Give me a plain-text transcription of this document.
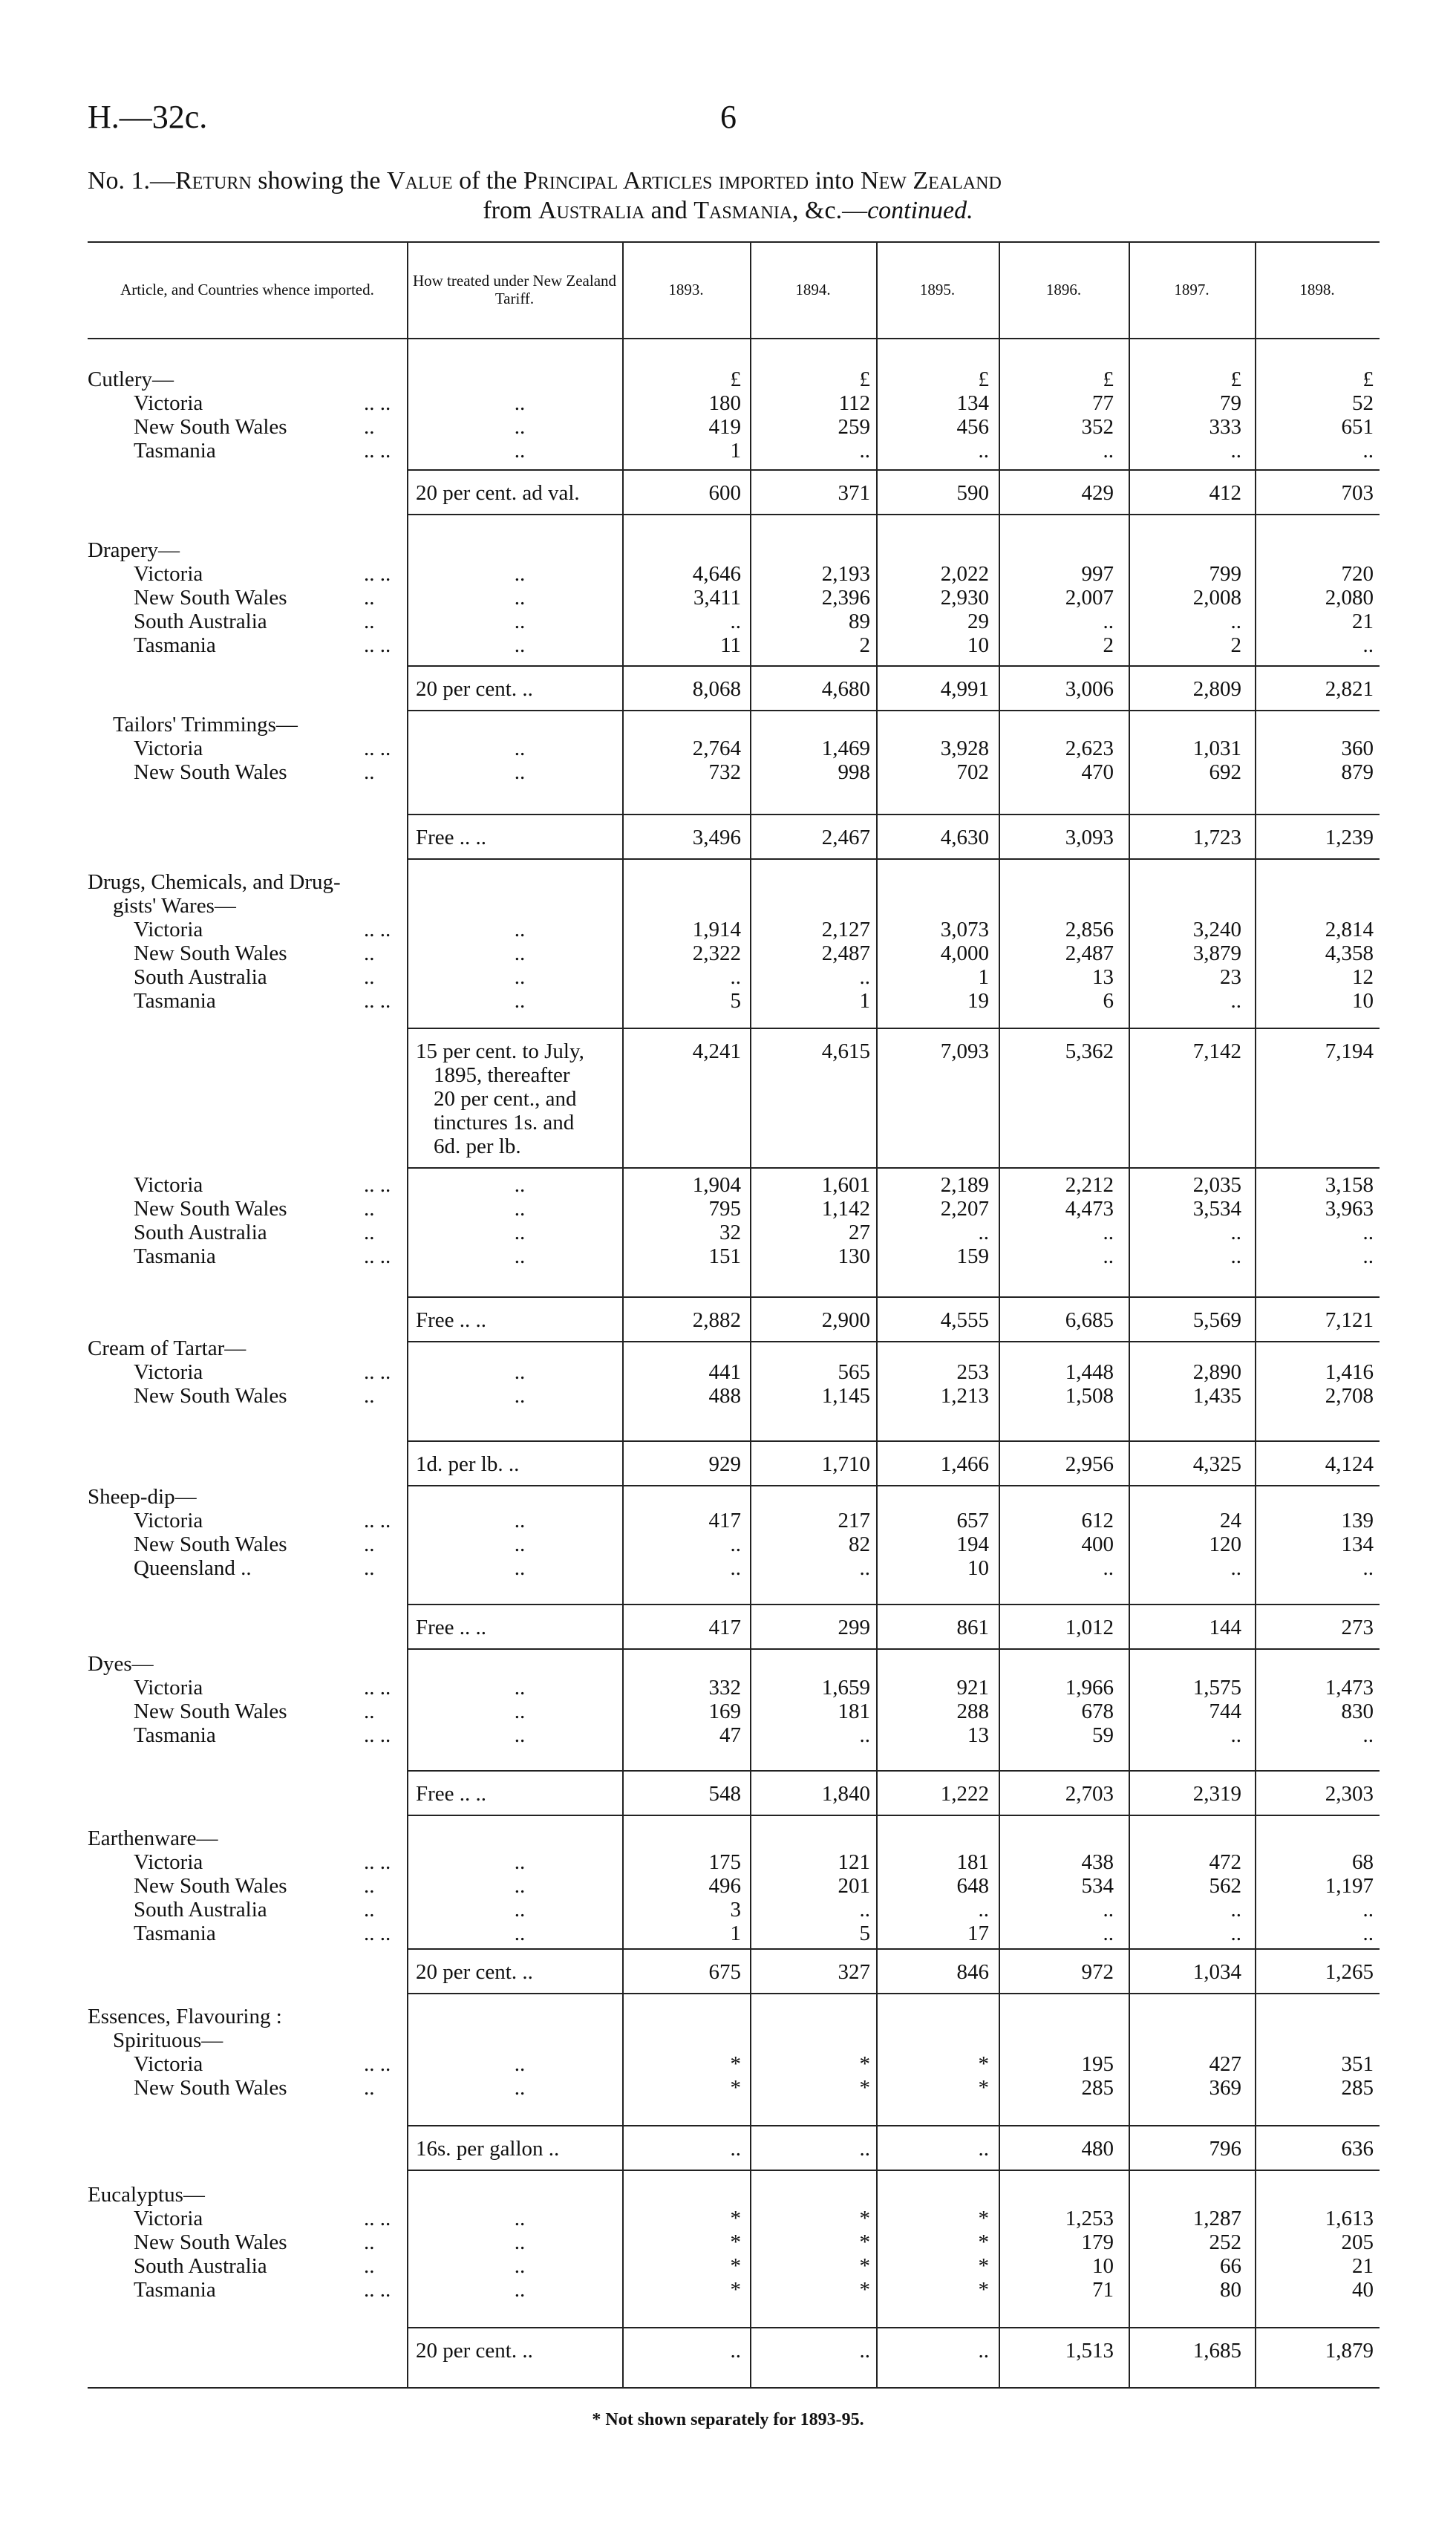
H.—32c.	6
No. 1.—Return showing the Value of the Principal Articles imported into New Zealand
from Australia and Tasmania, &c.—continued.
Article, and Countries whence imported.	How treated under New Zealand Tariff.	1893.	1894.	1895.	1896.	1897.	1898.
Cutlery—	£	£	£	£	£	£
Victoria	.. ..	..	180	112	134	77	79	52
New South Wales	..	..	419	259	456	352	333	651
Tasmania	.. ..	..	1	..	..	..	..	..
20 per cent. ad val.	600	371	590	429	412	703
Drapery—
Victoria	.. ..	..	4,646	2,193	2,022	997	799	720
New South Wales	..	..	3,411	2,396	2,930	2,007	2,008	2,080
South Australia	..	..	..	89	29	..	..	21
Tasmania	.. ..	..	11	2	10	2	2	..
20 per cent. ..	8,068	4,680	4,991	3,006	2,809	2,821
Tailors' Trimmings—
Victoria	.. ..	..	2,764	1,469	3,928	2,623	1,031	360
New South Wales	..	..	732	998	702	470	692	879
Free .. ..	3,496	2,467	4,630	3,093	1,723	1,239
Drugs, Chemicals, and Drug-
gists' Wares—
Victoria	.. ..	..	1,914	2,127	3,073	2,856	3,240	2,814
New South Wales	..	..	2,322	2,487	4,000	2,487	3,879	4,358
South Australia	..	..	..	..	1	13	23	12
Tasmania	.. ..	..	5	1	19	6	..	10
15 per cent. to July,
1895, thereafter
20 per cent., and
tinctures 1s. and
6d. per lb.
4,241	4,615	7,093	5,362	7,142	7,194
Victoria	.. ..	..	1,904	1,601	2,189	2,212	2,035	3,158
New South Wales	..	..	795	1,142	2,207	4,473	3,534	3,963
South Australia	..	..	32	27	..	..	..	..
Tasmania	.. ..	..	151	130	159	..	..	..
Free .. ..	2,882	2,900	4,555	6,685	5,569	7,121
Cream of Tartar—
Victoria	.. ..	..	441	565	253	1,448	2,890	1,416
New South Wales	..	..	488	1,145	1,213	1,508	1,435	2,708
1d. per lb. ..	929	1,710	1,466	2,956	4,325	4,124
Sheep-dip—
Victoria	.. ..	..	417	217	657	612	24	139
New South Wales	..	..	..	82	194	400	120	134
Queensland ..	..	..	..	..	10	..	..	..
Free .. ..	417	299	861	1,012	144	273
Dyes—
Victoria	.. ..	..	332	1,659	921	1,966	1,575	1,473
New South Wales	..	..	169	181	288	678	744	830
Tasmania	.. ..	..	47	..	13	59	..	..
Free .. ..	548	1,840	1,222	2,703	2,319	2,303
Earthenware—
Victoria	.. ..	..	175	121	181	438	472	68
New South Wales	..	..	496	201	648	534	562	1,197
South Australia	..	..	3	..	..	..	..	..
Tasmania	.. ..	..	1	5	17	..	..	..
20 per cent. ..	675	327	846	972	1,034	1,265
Essences, Flavouring :
Spirituous—
Victoria	.. ..	..	*	*	*	195	427	351
New South Wales	..	..	*	*	*	285	369	285
16s. per gallon ..	..	..	..	480	796	636
Eucalyptus—
Victoria	.. ..	..	*	*	*	1,253	1,287	1,613
New South Wales	..	..	*	*	*	179	252	205
South Australia	..	..	*	*	*	10	66	21
Tasmania	.. ..	..	*	*	*	71	80	40
20 per cent. ..	..	..	..	1,513	1,685	1,879
* Not shown separately for 1893-95.
